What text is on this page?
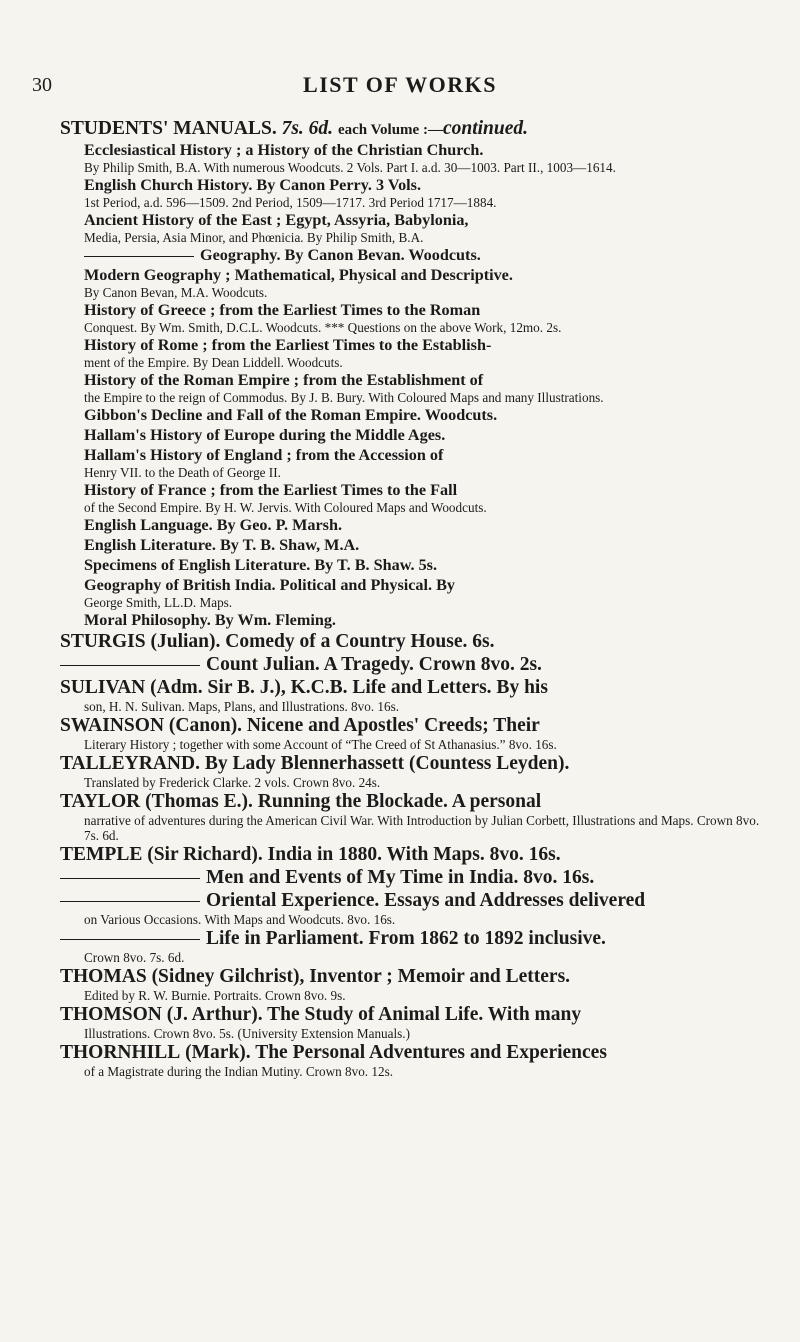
30	LIST OF WORKS
STUDENTS' MANUALS. 7s. 6d. each Volume :—continued.
Ecclesiastical History ; a History of the Christian Church.
By Philip Smith, B.A. With numerous Woodcuts. 2 Vols. Part I. a.d. 30—1003. Part II., 1003—1614.
English Church History. By Canon Perry. 3 Vols.
1st Period, a.d. 596—1509. 2nd Period, 1509—1717. 3rd Period 1717—1884.
Ancient History of the East ; Egypt, Assyria, Babylonia,
Media, Persia, Asia Minor, and Phœnicia. By Philip Smith, B.A.
Geography. By Canon Bevan. Woodcuts.
Modern Geography ; Mathematical, Physical and Descriptive.
By Canon Bevan, M.A. Woodcuts.
History of Greece ; from the Earliest Times to the Roman
Conquest. By Wm. Smith, D.C.L. Woodcuts. *** Questions on the above Work, 12mo. 2s.
History of Rome ; from the Earliest Times to the Establish-
ment of the Empire. By Dean Liddell. Woodcuts.
History of the Roman Empire ; from the Establishment of
the Empire to the reign of Commodus. By J. B. Bury. With Coloured Maps and many Illustrations.
Gibbon's Decline and Fall of the Roman Empire. Woodcuts.
Hallam's History of Europe during the Middle Ages.
Hallam's History of England ; from the Accession of
Henry VII. to the Death of George II.
History of France ; from the Earliest Times to the Fall
of the Second Empire. By H. W. Jervis. With Coloured Maps and Woodcuts.
English Language. By Geo. P. Marsh.
English Literature. By T. B. Shaw, M.A.
Specimens of English Literature. By T. B. Shaw. 5s.
Geography of British India. Political and Physical. By
George Smith, LL.D. Maps.
Moral Philosophy. By Wm. Fleming.
STURGIS (Julian). Comedy of a Country House. 6s.
Count Julian. A Tragedy. Crown 8vo. 2s.
SULIVAN (Adm. Sir B. J.), K.C.B. Life and Letters. By his
son, H. N. Sulivan. Maps, Plans, and Illustrations. 8vo. 16s.
SWAINSON (Canon). Nicene and Apostles' Creeds; Their
Literary History ; together with some Account of “The Creed of St Athanasius.” 8vo. 16s.
TALLEYRAND. By Lady Blennerhassett (Countess Leyden).
Translated by Frederick Clarke. 2 vols. Crown 8vo. 24s.
TAYLOR (Thomas E.). Running the Blockade. A personal
narrative of adventures during the American Civil War. With Introduction by Julian Corbett, Illustrations and Maps. Crown 8vo. 7s. 6d.
TEMPLE (Sir Richard). India in 1880. With Maps. 8vo. 16s.
Men and Events of My Time in India. 8vo. 16s.
Oriental Experience. Essays and Addresses delivered
on Various Occasions. With Maps and Woodcuts. 8vo. 16s.
Life in Parliament. From 1862 to 1892 inclusive.
Crown 8vo. 7s. 6d.
THOMAS (Sidney Gilchrist), Inventor ; Memoir and Letters.
Edited by R. W. Burnie. Portraits. Crown 8vo. 9s.
THOMSON (J. Arthur). The Study of Animal Life. With many
Illustrations. Crown 8vo. 5s. (University Extension Manuals.)
THORNHILL (Mark). The Personal Adventures and Experiences
of a Magistrate during the Indian Mutiny. Crown 8vo. 12s.
